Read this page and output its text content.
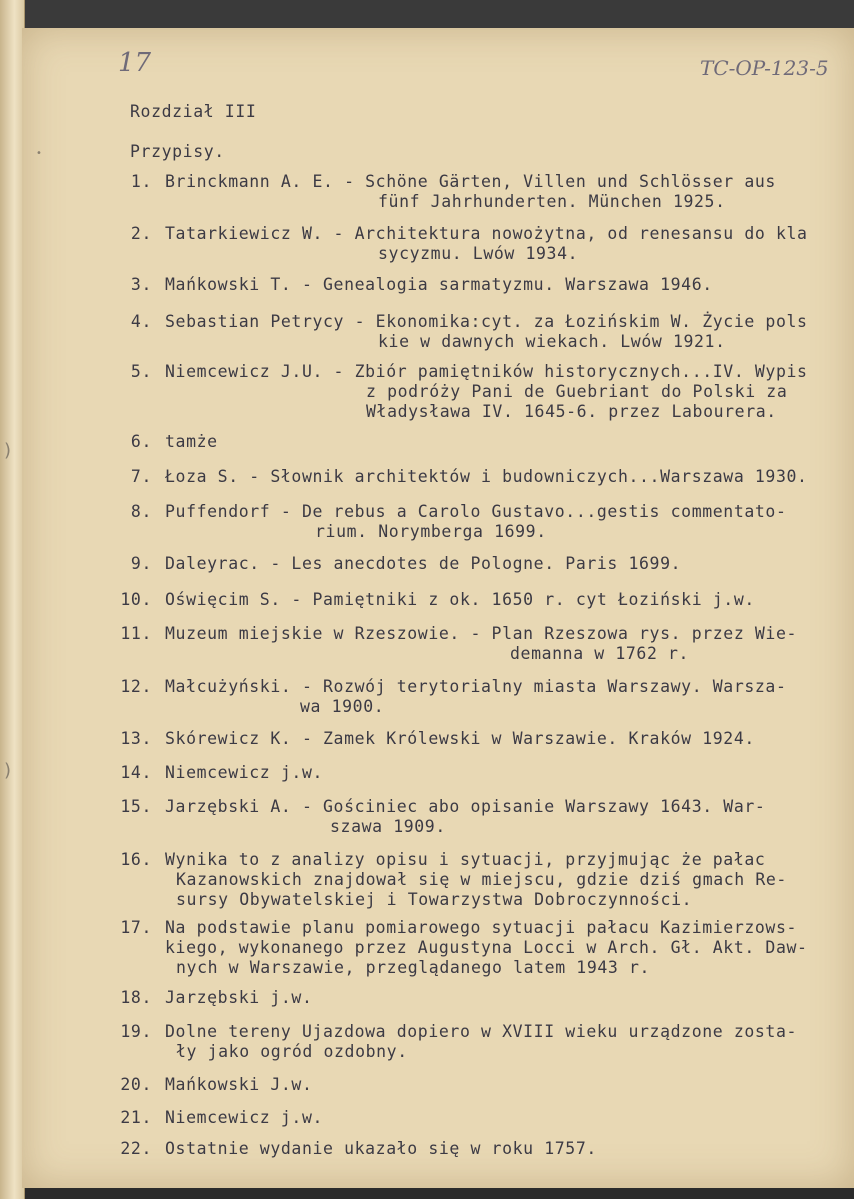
17	TC-OP-123-5
Rozdział III
Przypisy.
•
)
)
1. Brinckmann A. E. - Schöne Gärten, Villen und Schlösser aus
fünf Jahrhunderten. München 1925.
2. Tatarkiewicz W. - Architektura nowożytna, od renesansu do kla
sycyzmu. Lwów 1934.
3. Mańkowski T. - Genealogia sarmatyzmu. Warszawa 1946.
4. Sebastian Petrycy - Ekonomika:cyt. za Łozińskim W. Życie pols
kie w dawnych wiekach. Lwów 1921.
5. Niemcewicz J.U. - Zbiór pamiętników historycznych...IV. Wypis
z podróży Pani de Guebriant do Polski za
Władysława IV. 1645-6. przez Labourera.
6. tamże
7. Łoza S. - Słownik architektów i budowniczych...Warszawa 1930.
8. Puffendorf - De rebus a Carolo Gustavo...gestis commentato-
rium. Norymberga 1699.
9. Daleyrac. - Les anecdotes de Pologne. Paris 1699.
10. Oświęcim S. - Pamiętniki z ok. 1650 r. cyt Łoziński j.w.
11. Muzeum miejskie w Rzeszowie. - Plan Rzeszowa rys. przez Wie-
demanna w 1762 r.
12. Małcużyński. - Rozwój terytorialny miasta Warszawy. Warsza-
wa 1900.
13. Skórewicz K. - Zamek Królewski w Warszawie. Kraków 1924.
14. Niemcewicz j.w.
15. Jarzębski A. - Gościniec abo opisanie Warszawy 1643. War-
szawa 1909.
16. Wynika to z analizy opisu i sytuacji, przyjmując że pałac
Kazanowskich znajdował się w miejscu, gdzie dziś gmach Re-
sursy Obywatelskiej i Towarzystwa Dobroczynności.
17. Na podstawie planu pomiarowego sytuacji pałacu Kazimierzows-
kiego, wykonanego przez Augustyna Locci w Arch. Gł. Akt. Daw-
nych w Warszawie, przeglądanego latem 1943 r.
18. Jarzębski j.w.
19. Dolne tereny Ujazdowa dopiero w XVIII wieku urządzone zosta-
ły jako ogród ozdobny.
20. Mańkowski J.w.
21. Niemcewicz j.w.
22. Ostatnie wydanie ukazało się w roku 1757.
